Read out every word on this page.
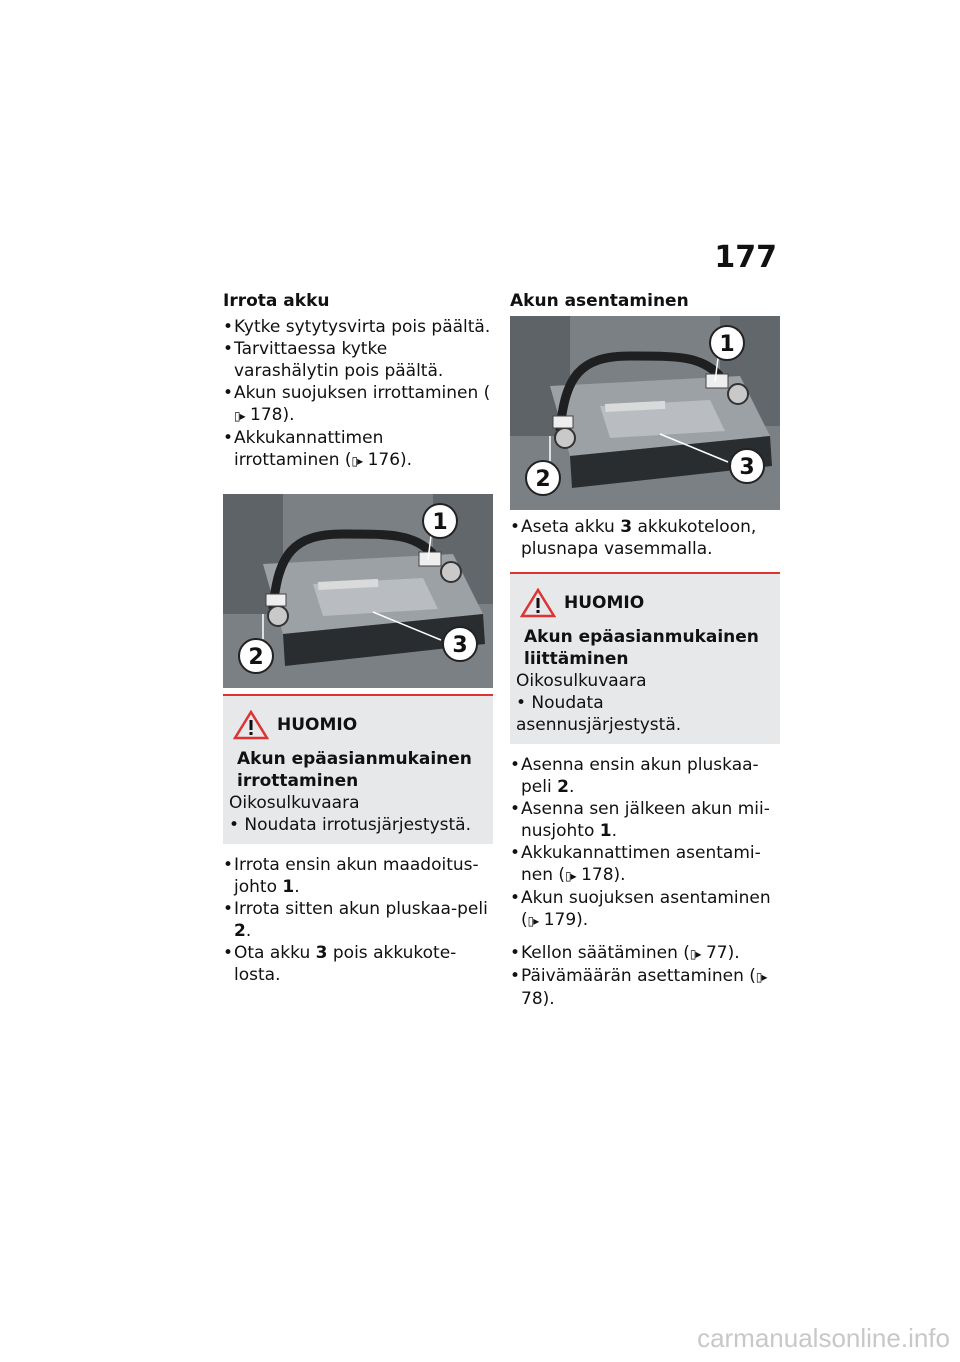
177
Irrota akku
• Kytke sytytysvirta pois päältä.
• Tarvittaessa kytke varashälytin pois päältä.
• Akun suojuksen irrottaminen (▯▸ 178).
• Akkukannattimen irrottaminen (▯▸ 176).
1
2	3
HUOMIO
Akun epäasianmukainen irrottaminen
Oikosulkuvaara
• Noudata irrotusjärjestystä.
• Irrota ensin akun maadoitus-johto 1.
• Irrota sitten akun pluskaa-peli 2.
• Ota akku 3 pois akkukote-losta.
Akun asentaminen
1
2	3
• Aseta akku 3 akkukoteloon, plusnapa vasemmalla.
HUOMIO
Akun epäasianmukainen liittäminen
Oikosulkuvaara
• Noudata asennusjärjestystä.
• Asenna ensin akun pluskaa-peli 2.
• Asenna sen jälkeen akun mii-nusjohto 1.
• Akkukannattimen asentami-nen (▯▸ 178).
• Akun suojuksen asentaminen (▯▸ 179).
• Kellon säätäminen (▯▸ 77).
• Päivämäärän asettaminen (▯▸ 78).
carmanualsonline.info
